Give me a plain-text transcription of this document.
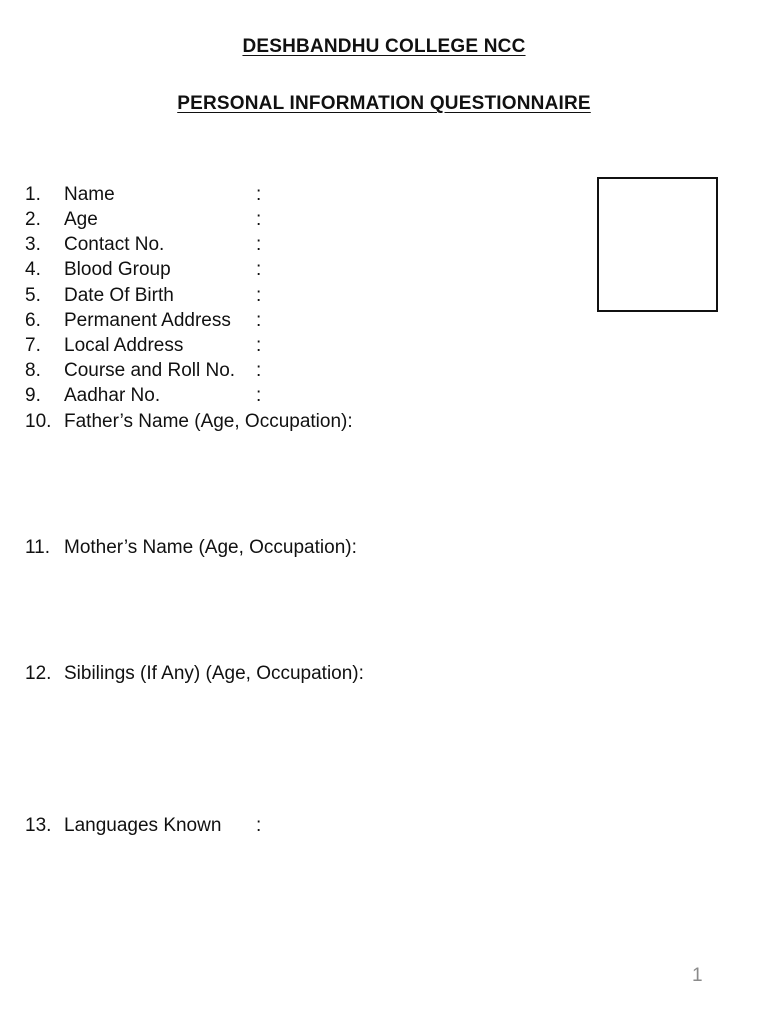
DESHBANDHU COLLEGE NCC
PERSONAL INFORMATION QUESTIONNAIRE
1. Name	:
2. Age	:
3. Contact No.	:
4. Blood Group	:
5. Date Of Birth	:
6. Permanent Address :
7. Local Address	:
8. Course and Roll No. :
9. Aadhar No.	:
10. Father’s Name (Age, Occupation):
11. Mother’s Name (Age, Occupation):
12. Sibilings (If Any) (Age, Occupation):
13. Languages Known :
1
